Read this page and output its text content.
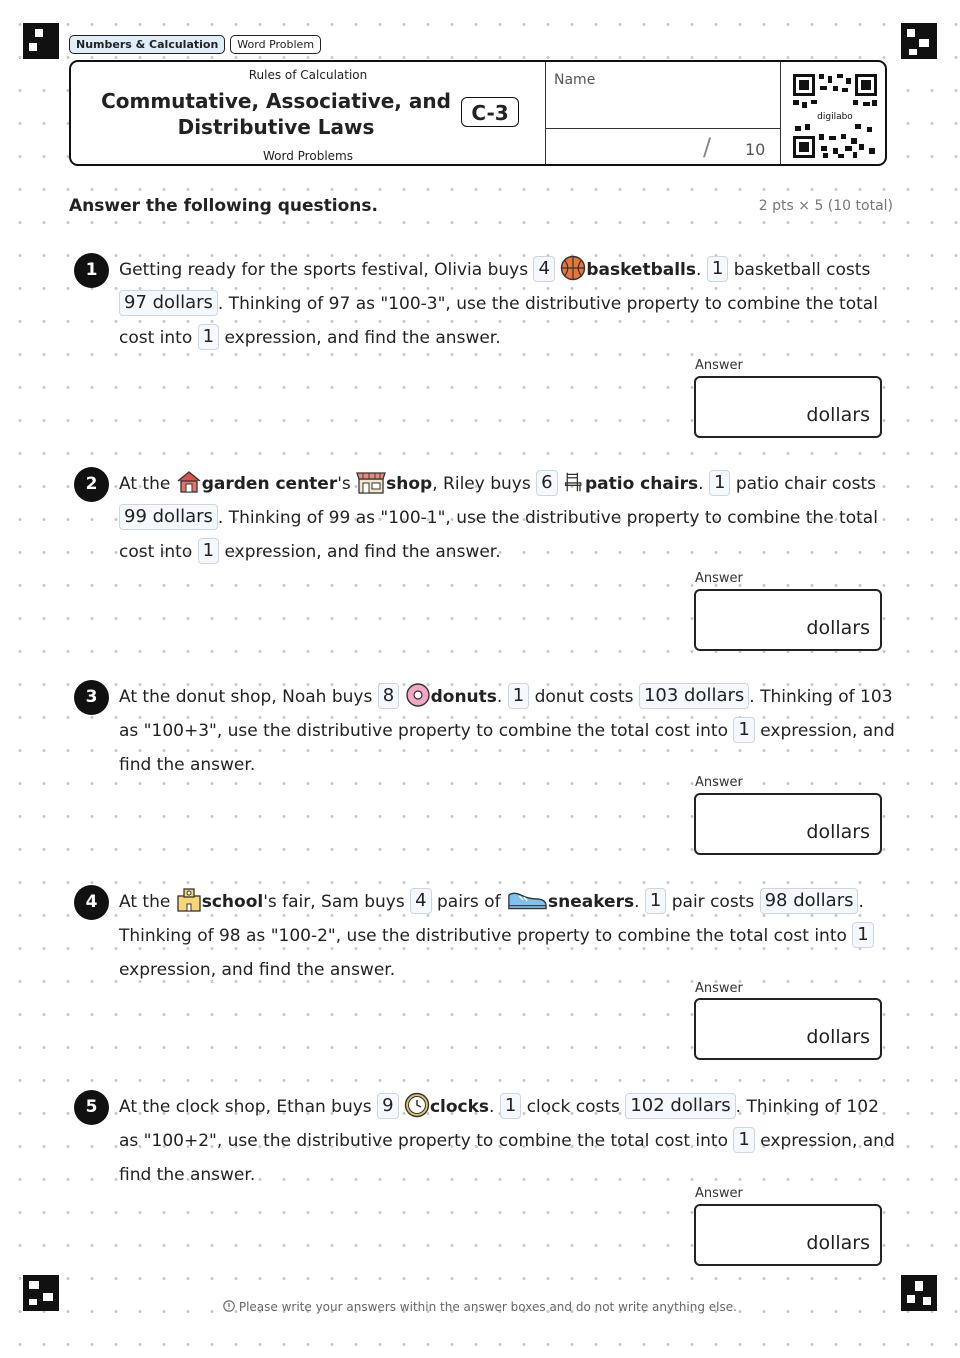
Numbers & Calculation	Word Problem
Rules of Calculation
Commutative, Associative, and
Distributive Laws
Word Problems
C-3
Name
/ 10
digilabo
Answer the following questions.	2 pts × 5 (10 total)
1	Getting ready for the sports festival, Olivia buys 4 basketballs. 1 basketball costs 97 dollars . Thinking of 97 as "100-3", use the distributive property to combine the total cost into 1 expression, and find the answer.
Answer
dollars
2	At the garden center's shop, Riley buys 6 patio chairs. 1 patio chair costs 99 dollars . Thinking of 99 as "100-1", use the distributive property to combine the total cost into 1 expression, and find the answer.
Answer
dollars
3	At the donut shop, Noah buys 8 donuts. 1 donut costs 103 dollars . Thinking of 103 as "100+3", use the distributive property to combine the total cost into 1 expression, and find the answer.
Answer
dollars
4	At the school's fair, Sam buys 4 pairs of	sneakers. 1 pair costs 98 dollars . Thinking of 98 as "100-2", use the distributive property to combine the total cost into 1 expression, and find the answer.
Answer
dollars
5	At the clock shop, Ethan buys 9 clocks. 1 clock costs 102 dollars . Thinking of 102 as "100+2", use the distributive property to combine the total cost into 1 expression, and find the answer.
Answer
dollars
Please write your answers within the answer boxes and do not write anything else.
